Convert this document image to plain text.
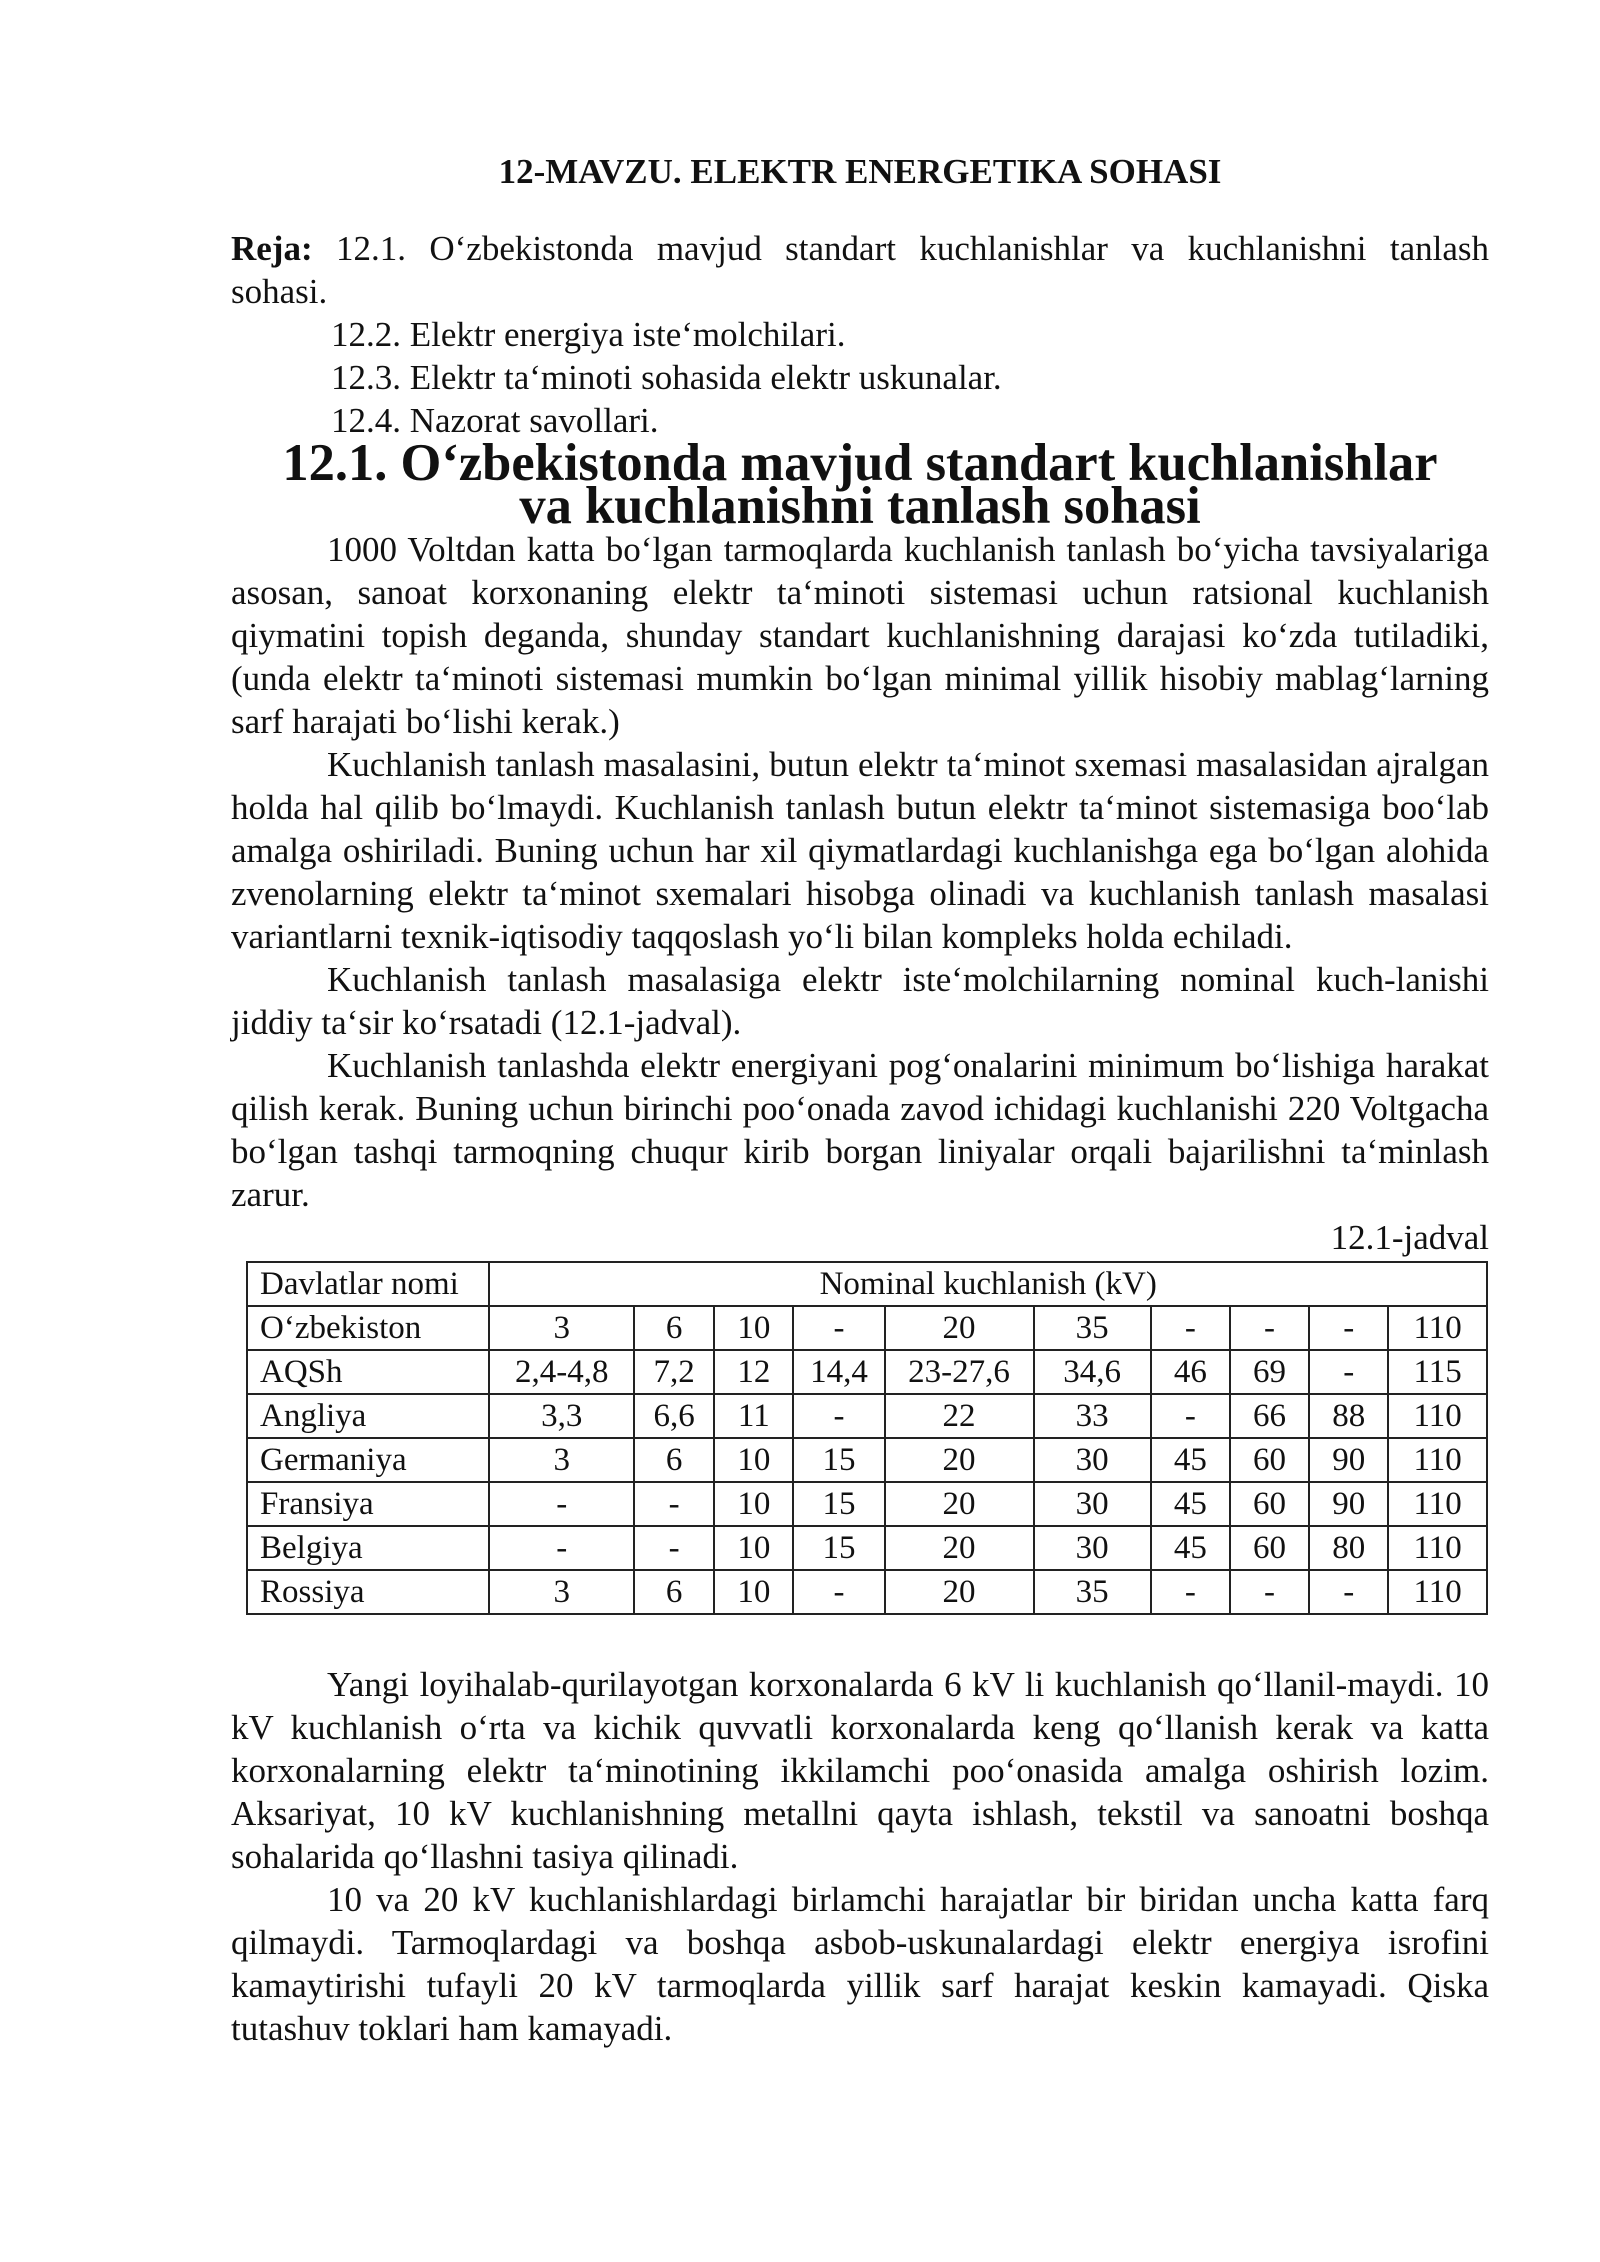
12-MAVZU. ELEKTR ENERGETIKA SOHASI
Reja: 12.1. O‘zbekistonda mavjud standart kuchlanishlar va kuchlanishni tanlash
sohasi.
12.2. Elektr energiya iste‘molchilari.
12.3. Elektr ta‘minoti sohasida elektr uskunalar.
12.4. Nazorat savollari.
12.1. O‘zbekistonda mavjud standart kuchlanishlar va kuchlanishni tanlash sohasi

1000 Voltdan katta bo‘lgan tarmoqlarda kuchlanish tanlash bo‘yicha tavsiyalariga asosan, sanoat korxonaning elektr ta‘minoti sistemasi uchun ratsional kuchlanish qiymatini topish deganda, shunday standart kuchlanishning darajasi ko‘zda tutiladiki, (unda elektr ta‘minoti sistemasi mumkin bo‘lgan minimal yillik hisobiy mablag‘larning sarf harajati bo‘lishi kerak.)

Kuchlanish tanlash masalasini, butun elektr ta‘minot sxemasi masalasidan ajralgan holda hal qilib bo‘lmaydi. Kuchlanish tanlash butun elektr ta‘minot sistemasiga boo‘lab amalga oshiriladi. Buning uchun har xil qiymatlardagi kuchlanishga ega bo‘lgan alohida zvenolarning elektr ta‘minot sxemalari hisobga olinadi va kuchlanish tanlash masalasi variantlarni texnik-iqtisodiy taqqoslash yo‘li bilan kompleks holda echiladi.

Kuchlanish tanlash masalasiga elektr iste‘molchilarning nominal kuch-lanishi jiddiy ta‘sir ko‘rsatadi (12.1-jadval).

Kuchlanish tanlashda elektr energiyani pog‘onalarini minimum bo‘lishiga harakat qilish kerak. Buning uchun birinchi poo‘onada zavod ichidagi kuchlanishi 220 Voltgacha bo‘lgan tashqi tarmoqning chuqur kirib borgan liniyalar orqali bajarilishni ta‘minlash zarur.

12.1-jadval
Davlatlar nomi	Nominal kuchlanish (kV)									
O‘zbekiston	3	6	10	-	20	35	-	-	-	110
AQSh	2,4-4,8	7,2	12	14,4	23-27,6	34,6	46	69	-	115
Angliya	3,3	6,6	11	-	22	33	-	66	88	110
Germaniya	3	6	10	15	20	30	45	60	90	110
Fransiya	-	-	10	15	20	30	45	60	90	110
Belgiya	-	-	10	15	20	30	45	60	80	110
Rossiya	3	6	10	-	20	35	-	-	-	110

Yangi loyihalab-qurilayotgan korxonalarda 6 kV li kuchlanish qo‘llanil-maydi. 10 kV kuchlanish o‘rta va kichik quvvatli korxonalarda keng qo‘llanish kerak va katta korxonalarning elektr ta‘minotining ikkilamchi poo‘onasida amalga oshirish lozim. Aksariyat, 10 kV kuchlanishning metallni qayta ishlash, tekstil va sanoatni boshqa sohalarida qo‘llashni tasiya qilinadi.

10 va 20 kV kuchlanishlardagi birlamchi harajatlar bir biridan uncha katta farq qilmaydi. Tarmoqlardagi va boshqa asbob-uskunalardagi elektr energiya isrofini kamaytirishi tufayli 20 kV tarmoqlarda yillik sarf harajat keskin kamayadi. Qiska tutashuv toklari ham kamayadi.
